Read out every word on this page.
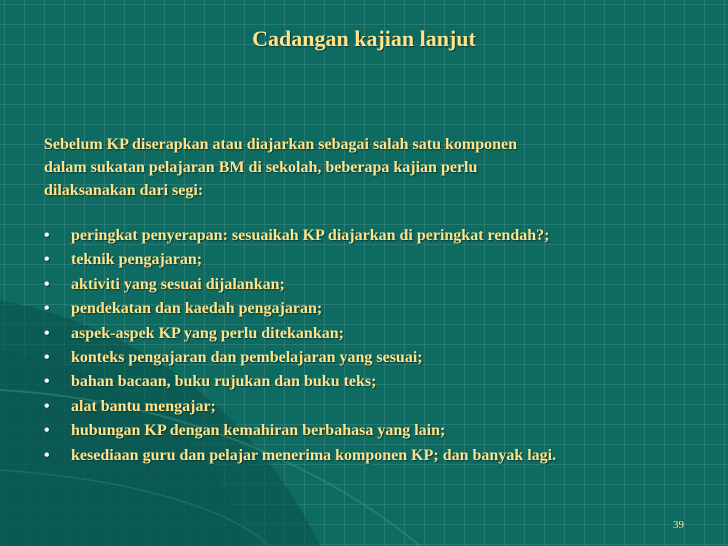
Cadangan kajian lanjut

Sebelum KP diserapkan atau diajarkan sebagai salah satu komponen
dalam sukatan pelajaran BM di sekolah, beberapa kajian perlu
dilaksanakan dari segi:

• peringkat penyerapan: sesuaikah KP diajarkan di peringkat rendah?;
• teknik pengajaran;
• aktiviti yang sesuai dijalankan;
• pendekatan dan kaedah pengajaran;
• aspek-aspek KP yang perlu ditekankan;
• konteks pengajaran dan pembelajaran yang sesuai;
• bahan bacaan, buku rujukan dan buku teks;
• alat bantu mengajar;
• hubungan KP dengan kemahiran berbahasa yang lain;
• kesediaan guru dan pelajar menerima komponen KP; dan banyak lagi.
39
